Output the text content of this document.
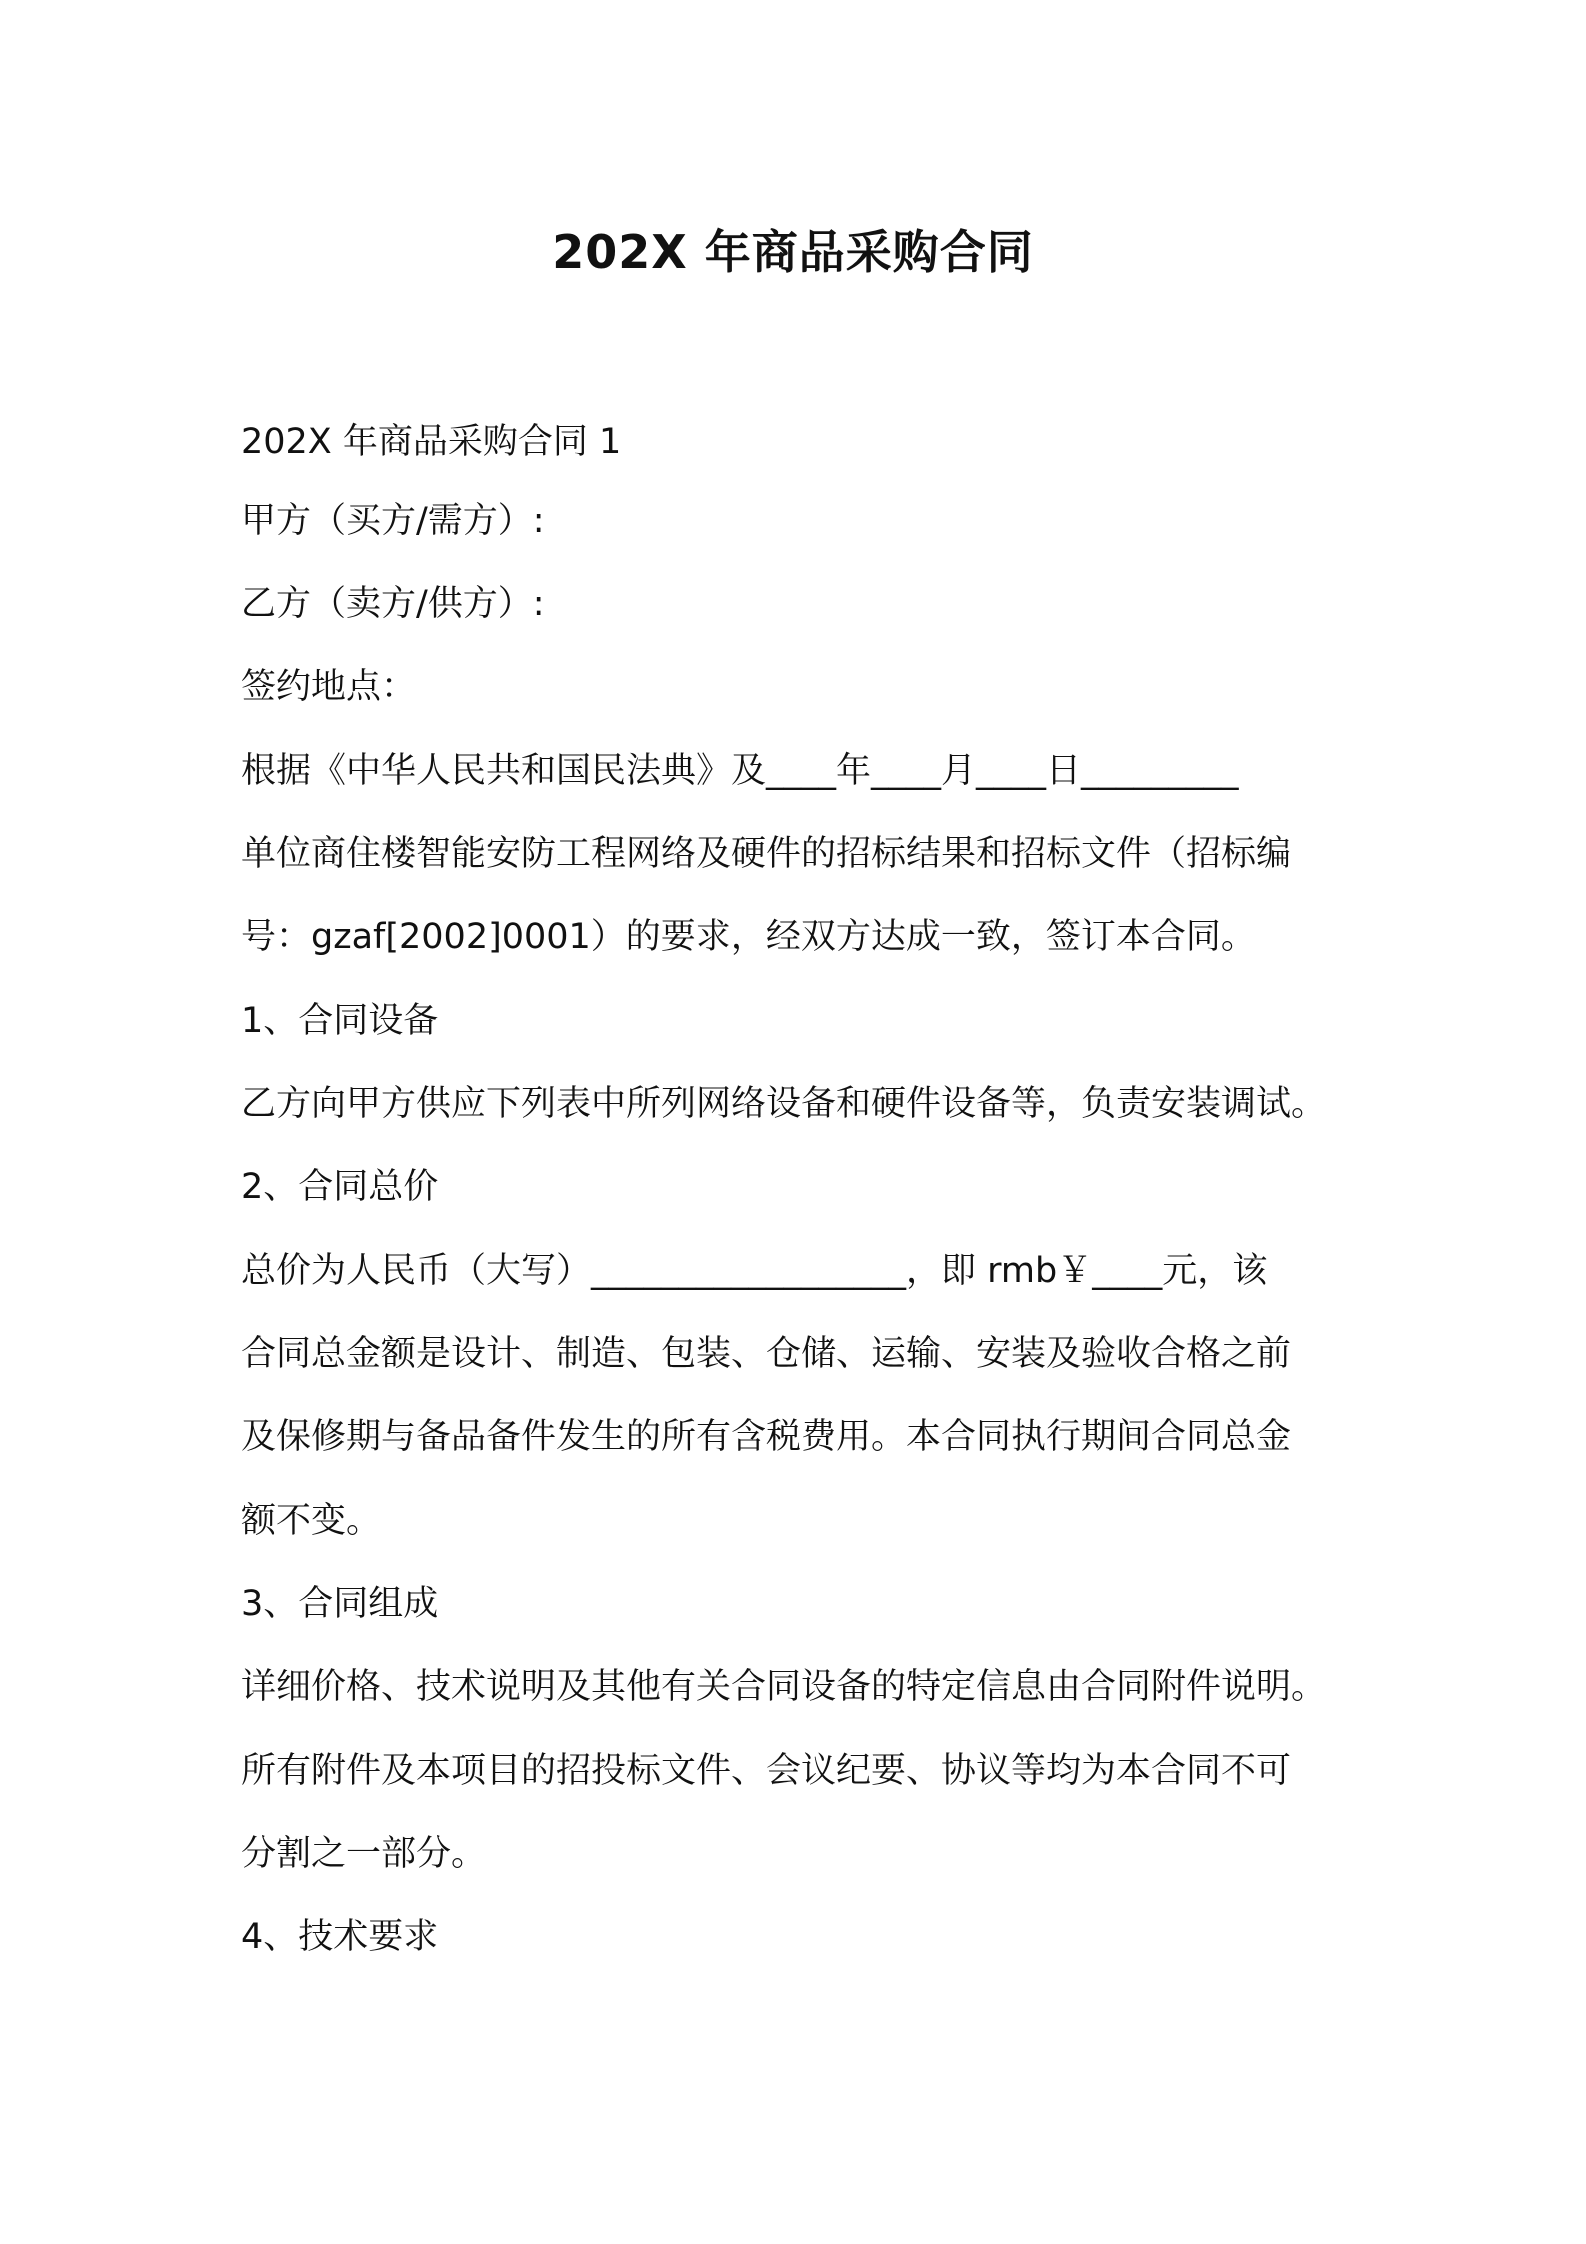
202X 年商品采购合同

202X 年商品采购合同 1

甲方（买方/需方）:

乙方（卖方/供方）:

签约地点：

根据《中华人民共和国民法典》及____年____月____日_________

单位商住楼智能安防工程网络及硬件的招标结果和招标文件（招标编

号：gzaf[2002]0001）的要求，经双方达成一致，签订本合同。

1、合同设备

乙方向甲方供应下列表中所列网络设备和硬件设备等，负责安装调试。

2、合同总价

总价为人民币（大写）__________________，即 rmb￥____元，该

合同总金额是设计、制造、包装、仓储、运输、安装及验收合格之前

及保修期与备品备件发生的所有含税费用。本合同执行期间合同总金

额不变。

3、合同组成

详细价格、技术说明及其他有关合同设备的特定信息由合同附件说明。

所有附件及本项目的招投标文件、会议纪要、协议等均为本合同不可

分割之一部分。

4、技术要求
